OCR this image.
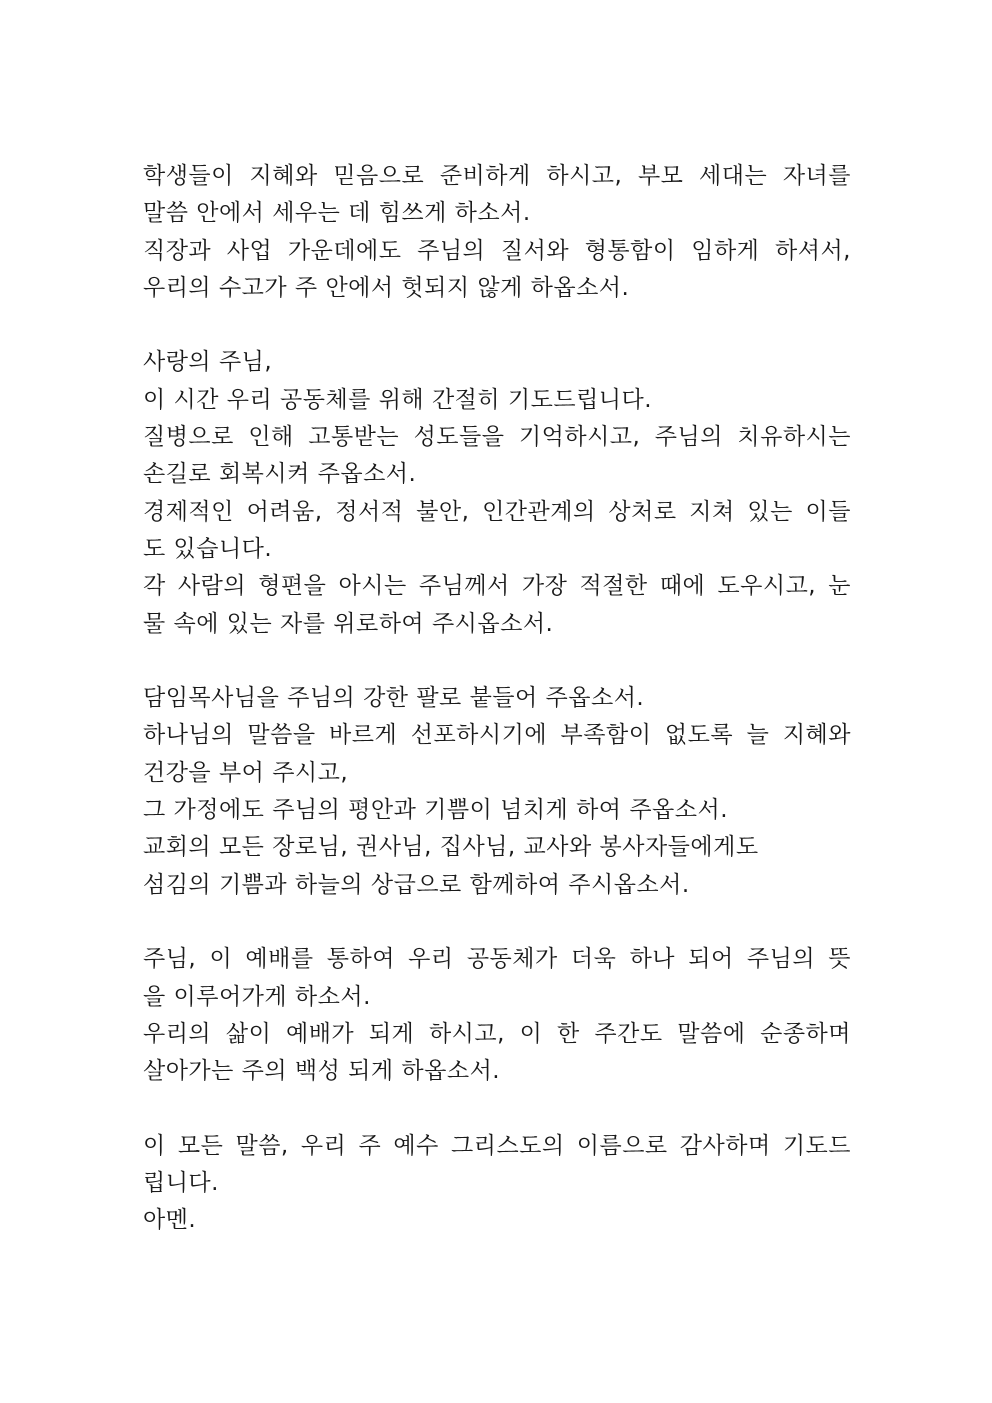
학생들이 지혜와 믿음으로 준비하게 하시고, 부모 세대는 자녀를
말씀 안에서 세우는 데 힘쓰게 하소서.
직장과 사업 가운데에도 주님의 질서와 형통함이 임하게 하셔서,
우리의 수고가 주 안에서 헛되지 않게 하옵소서.
사랑의 주님,
이 시간 우리 공동체를 위해 간절히 기도드립니다.
질병으로 인해 고통받는 성도들을 기억하시고, 주님의 치유하시는
손길로 회복시켜 주옵소서.
경제적인 어려움, 정서적 불안, 인간관계의 상처로 지쳐 있는 이들
도 있습니다.
각 사람의 형편을 아시는 주님께서 가장 적절한 때에 도우시고, 눈
물 속에 있는 자를 위로하여 주시옵소서.
담임목사님을 주님의 강한 팔로 붙들어 주옵소서.
하나님의 말씀을 바르게 선포하시기에 부족함이 없도록 늘 지혜와
건강을 부어 주시고,
그 가정에도 주님의 평안과 기쁨이 넘치게 하여 주옵소서.
교회의 모든 장로님, 권사님, 집사님, 교사와 봉사자들에게도
섬김의 기쁨과 하늘의 상급으로 함께하여 주시옵소서.
주님, 이 예배를 통하여 우리 공동체가 더욱 하나 되어 주님의 뜻
을 이루어가게 하소서.
우리의 삶이 예배가 되게 하시고, 이 한 주간도 말씀에 순종하며
살아가는 주의 백성 되게 하옵소서.
이 모든 말씀, 우리 주 예수 그리스도의 이름으로 감사하며 기도드
립니다.
아멘.
